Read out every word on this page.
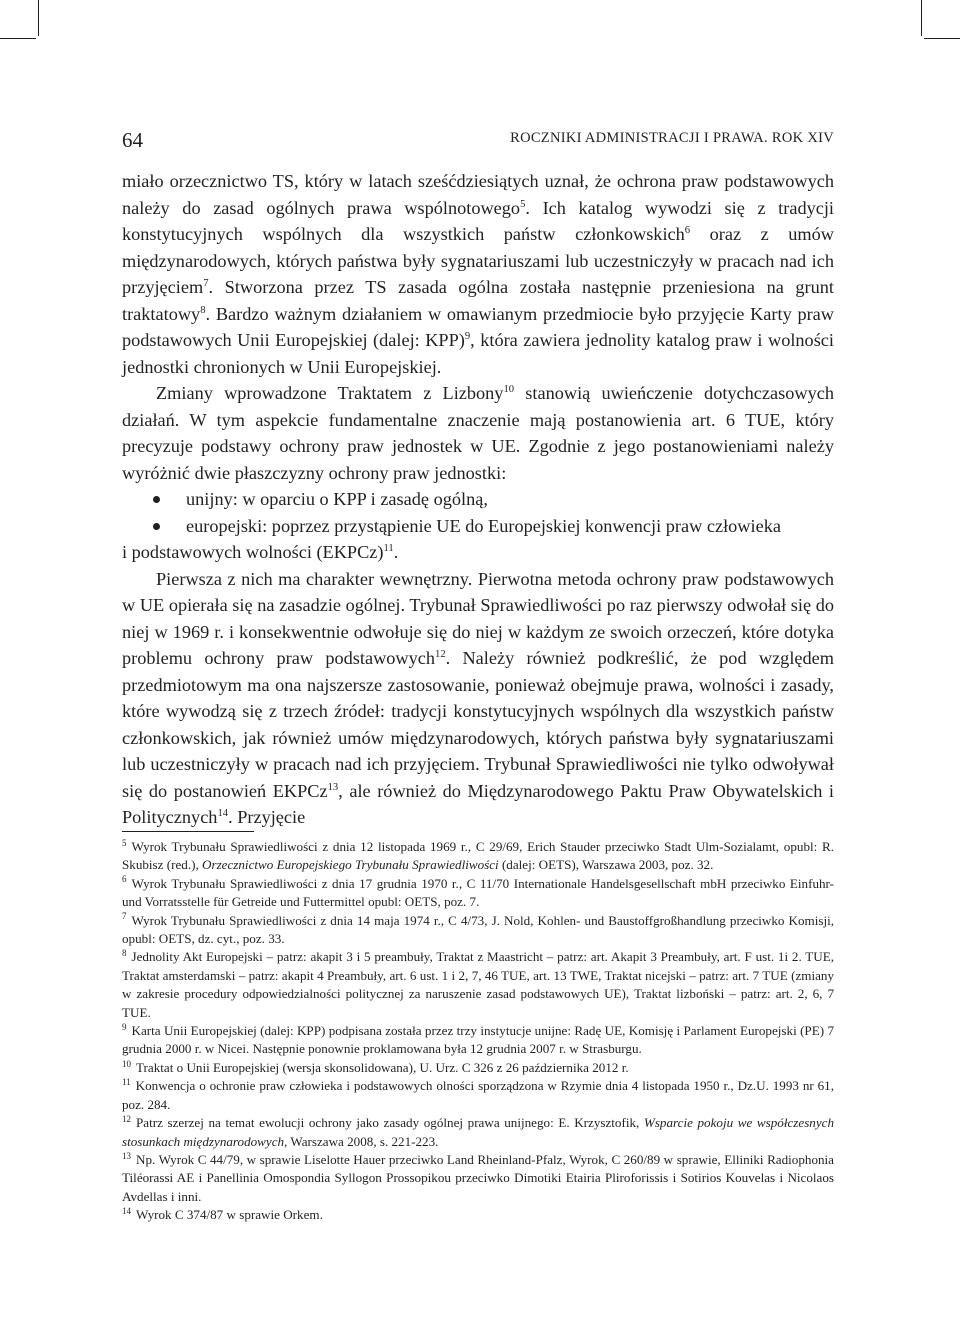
64	ROCZNIKI ADMINISTRACJI I PRAWA. ROK XIV

miało orzecznictwo TS, który w latach sześćdziesiątych uznał, że ochrona praw podstawowych należy do zasad ogólnych prawa wspólnotowego$^5$. Ich katalog wywodzi się z tradycji konstytucyjnych wspólnych dla wszystkich państw członkowskich$^6$ oraz z umów międzynarodowych, których państwa były sygnatariuszami lub uczestniczyły w pracach nad ich przyjęciem$^7$. Stworzona przez TS zasada ogólna została następnie przeniesiona na grunt traktatowy$^8$. Bardzo ważnym działaniem w omawianym przedmiocie było przyjęcie Karty praw podstawowych Unii Europejskiej (dalej: KPP)$^9$, która zawiera jednolity katalog praw i wolności jednostki chronionych w Unii Europejskiej.

Zmiany wprowadzone Traktatem z Lizbony$^{10}$ stanowią uwieńczenie dotychczasowych działań. W tym aspekcie fundamentalne znaczenie mają postanowienia art. 6 TUE, który precyzuje podstawy ochrony praw jednostek w UE. Zgodnie z jego postanowieniami należy wyróżnić dwie płaszczyzny ochrony praw jednostki:

unijny: w oparciu o KPP i zasadę ogólną,
europejski: poprzez przystąpienie UE do Europejskiej konwencji praw człowieka

i podstawowych wolności (EKPCz)$^{11}$.

Pierwsza z nich ma charakter wewnętrzny. Pierwotna metoda ochrony praw podstawowych w UE opierała się na zasadzie ogólnej. Trybunał Sprawiedliwości po raz pierwszy odwołał się do niej w 1969 r. i konsekwentnie odwołuje się do niej w każdym ze swoich orzeczeń, które dotyka problemu ochrony praw podstawowych$^{12}$. Należy również podkreślić, że pod względem przedmiotowym ma ona najszersze zastosowanie, ponieważ obejmuje prawa, wolności i zasady, które wywodzą się z trzech źródeł: tradycji konstytucyjnych wspólnych dla wszystkich państw członkowskich, jak również umów międzynarodowych, których państwa były sygnatariuszami lub uczestniczyły w pracach nad ich przyjęciem. Trybunał Sprawiedliwości nie tylko odwoływał się do postanowień EKPCz$^{13}$, ale również do Międzynarodowego Paktu Praw Obywatelskich i Politycznych$^{14}$. Przyjęcie

$^5$ Wyrok Trybunału Sprawiedliwości z dnia 12 listopada 1969 r., C 29/69, Erich Stauder przeciwko Stadt Ulm-Sozialamt, opubl: R. Skubisz (red.), Orzecznictwo Europejskiego Trybunału Sprawiedliwości (dalej: OETS), Warszawa 2003, poz. 32.

$^6$ Wyrok Trybunału Sprawiedliwości z dnia 17 grudnia 1970 r., C 11/70 Internationale Handelsgesellschaft mbH przeciwko Einfuhr- und Vorratsstelle für Getreide und Futtermittel opubl: OETS, poz. 7.

$^7$ Wyrok Trybunału Sprawiedliwości z dnia 14 maja 1974 r., C 4/73, J. Nold, Kohlen- und Baustoffgroßhandlung przeciwko Komisji, opubl: OETS, dz. cyt., poz. 33.

$^8$ Jednolity Akt Europejski – patrz: akapit 3 i 5 preambuły, Traktat z Maastricht – patrz: art. Akapit 3 Preambuły, art. F ust. 1i 2. TUE, Traktat amsterdamski – patrz: akapit 4 Preambuły, art. 6 ust. 1 i 2, 7, 46 TUE, art. 13 TWE, Traktat nicejski – patrz: art. 7 TUE (zmiany w zakresie procedury odpowiedzialności politycznej za naruszenie zasad podstawowych UE), Traktat lizboński – patrz: art. 2, 6, 7 TUE.

$^9$ Karta Unii Europejskiej (dalej: KPP) podpisana została przez trzy instytucje unijne: Radę UE, Komisję i Parlament Europejski (PE) 7 grudnia 2000 r. w Nicei. Następnie ponownie proklamowana była 12 grudnia 2007 r. w Strasburgu.

$^{10}$ Traktat o Unii Europejskiej (wersja skonsolidowana), U. Urz. C 326 z 26 października 2012 r.

$^{11}$ Konwencja o ochronie praw człowieka i podstawowych olności sporządzona w Rzymie dnia 4 listopada 1950 r., Dz.U. 1993 nr 61, poz. 284.

$^{12}$ Patrz szerzej na temat ewolucji ochrony jako zasady ogólnej prawa unijnego: E. Krzysztofik, Wsparcie pokoju we współczesnych stosunkach międzynarodowych, Warszawa 2008, s. 221-223.

$^{13}$ Np. Wyrok C 44/79, w sprawie Liselotte Hauer przeciwko Land Rheinland-Pfalz, Wyrok, C 260/89 w sprawie, Elliniki Radiophonia Tiléorassi AE i Panellinia Omospondia Syllogon Prossopikou przeciwko Dimotiki Etairia Pliroforissis i Sotirios Kouvelas i Nicolaos Avdellas i inni.

$^{14}$ Wyrok C 374/87 w sprawie Orkem.
